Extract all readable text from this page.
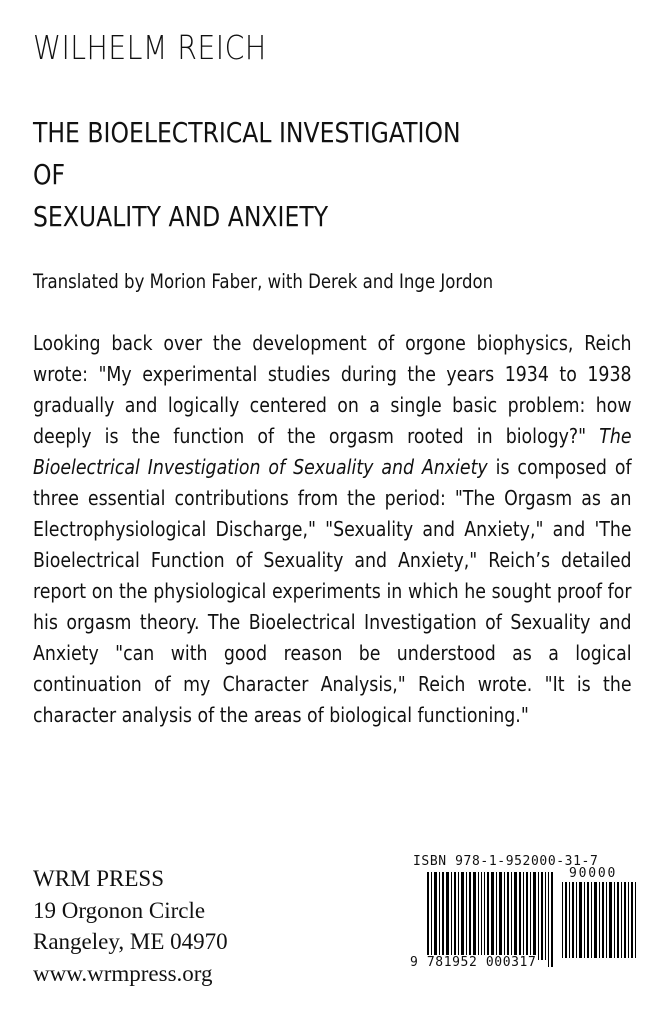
WILHELM REICH
THE BIOELECTRICAL INVESTIGATION
OF
SEXUALITY AND ANXIETY
Translated by Morion Faber, with Derek and Inge Jordon
Looking back over the development of orgone biophysics, Reich wrote: "My experimental studies during the years 1934 to 1938 gradually and logically centered on a single basic problem: how deeply is the function of the orgasm rooted in biology?" The Bioelectrical Investigation of Sexuality and Anxiety is composed of three essential contributions from the period: "The Orgasm as an Electrophysiological Discharge," "Sexuality and Anxiety," and 'The Bioelectrical Function of Sexuality and Anxiety," Reich’s detailed report on the physiological experiments in which he sought proof for his orgasm theory. The Bioelectrical Investigation of Sexuality and Anxiety "can with good reason be understood as a logical continuation of my Character Analysis," Reich wrote. "It is the character analysis of the areas of biological functioning."
WRM PRESS
19 Orgonon Circle
Rangeley, ME 04970
www.wrmpress.org
ISBN 978-1-952000-31-7
90000
9 781952 000317
